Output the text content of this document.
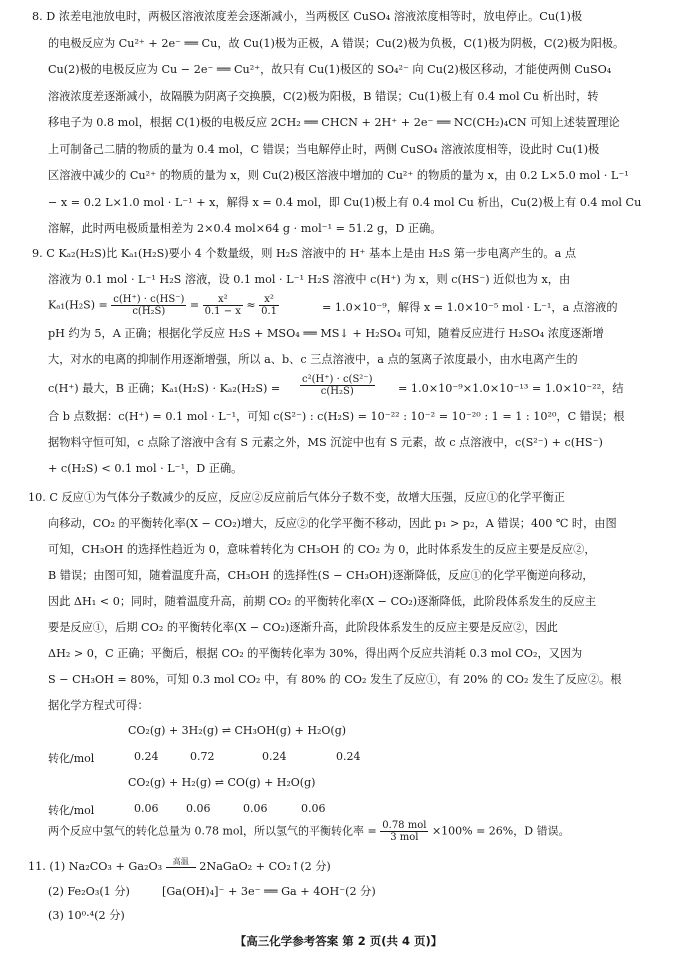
8. D 浓差电池放电时，两极区溶液浓度差会逐渐减小，当两极区 CuSO₄ 溶液浓度相等时，放电停止。Cu(1)极
的电极反应为 Cu²⁺ + 2e⁻ ══ Cu，故 Cu(1)极为正极，A 错误；Cu(2)极为负极，C(1)极为阴极，C(2)极为阳极。
Cu(2)极的电极反应为 Cu − 2e⁻ ══ Cu²⁺，故只有 Cu(1)极区的 SO₄²⁻ 向 Cu(2)极区移动，才能使两侧 CuSO₄
溶液浓度差逐渐减小，故隔膜为阴离子交换膜，C(2)极为阳极，B 错误；Cu(1)极上有 0.4 mol Cu 析出时，转
移电子为 0.8 mol，根据 C(1)极的电极反应 2CH₂ ══ CHCN + 2H⁺ + 2e⁻ ══ NC(CH₂)₄CN 可知上述装置理论
上可制备己二腈的物质的量为 0.4 mol，C 错误；当电解停止时，两侧 CuSO₄ 溶液浓度相等，设此时 Cu(1)极
区溶液中减少的 Cu²⁺ 的物质的量为 x，则 Cu(2)极区溶液中增加的 Cu²⁺ 的物质的量为 x，由 0.2 L×5.0 mol · L⁻¹
− x = 0.2 L×1.0 mol · L⁻¹ + x，解得 x = 0.4 mol，即 Cu(1)极上有 0.4 mol Cu 析出，Cu(2)极上有 0.4 mol Cu
溶解，此时两电极质量相差为 2×0.4 mol×64 g · mol⁻¹ = 51.2 g，D 正确。
9. C Kₐ₂(H₂S)比 Kₐ₁(H₂S)要小 4 个数量级，则 H₂S 溶液中的 H⁺ 基本上是由 H₂S 第一步电离产生的。a 点
溶液为 0.1 mol · L⁻¹ H₂S 溶液，设 0.1 mol · L⁻¹ H₂S 溶液中 c(H⁺) 为 x，则 c(HS⁻) 近似也为 x，由
$K_{a1}(H_2S) = \frac{c(H^+) \cdot c(HS^-)}{\text{c(H₂S)}} = \frac{\text{x²}}{0.1 - x} \approx \frac{\text{x²}}{0.1}$	= 1.0×10⁻⁹，解得 x = 1.0×10⁻⁵ mol · L⁻¹，a 点溶液的
pH 约为 5，A 正确；根据化学反应 H₂S + MSO₄ ══ MS↓ + H₂SO₄ 可知，随着反应进行 H₂SO₄ 浓度逐渐增
大，对水的电离的抑制作用逐渐增强，所以 a、b、c 三点溶液中，a 点的氢离子浓度最小，由水电离产生的
c(H⁺) 最大，B 正确；$K_{a1}(H_2S) \cdot K_{a2}(H_2S) = \frac{\text{c²(H⁺) · c(S²⁻)}}{\text{c(H₂S)}} = 1.0\times 10^{-9}\times 1.0\times 10^{-13} = 1.0\times 10^{-22}$，结
合 b 点数据：c(H⁺) = 0.1 mol · L⁻¹，可知 c(S²⁻) : c(H₂S) = 10⁻²² : 10⁻² = 10⁻²⁰ : 1 = 1 : 10²⁰，C 错误；根
据物料守恒可知，c 点除了溶液中含有 S 元素之外，MS 沉淀中也有 S 元素，故 c 点溶液中，c(S²⁻) + c(HS⁻)
+ c(H₂S) < 0.1 mol · L⁻¹，D 正确。
10. C 反应①为气体分子数减少的反应，反应②反应前后气体分子数不变，故增大压强，反应①的化学平衡正
向移动，CO₂ 的平衡转化率(X − CO₂)增大，反应②的化学平衡不移动，因此 p₁ > p₂，A 错误；400 ℃ 时，由图
可知，CH₃OH 的选择性趋近为 0，意味着转化为 CH₃OH 的 CO₂ 为 0，此时体系发生的反应主要是反应②，
B 错误；由图可知，随着温度升高，CH₃OH 的选择性(S − CH₃OH)逐渐降低，反应①的化学平衡逆向移动，
因此 ΔH₁ < 0；同时，随着温度升高，前期 CO₂ 的平衡转化率(X − CO₂)逐渐降低，此阶段体系发生的反应主
要是反应①，后期 CO₂ 的平衡转化率(X − CO₂)逐渐升高，此阶段体系发生的反应主要是反应②，因此
ΔH₂ > 0，C 正确；平衡后，根据 CO₂ 的平衡转化率为 30%，得出两个反应共消耗 0.3 mol CO₂，又因为
S − CH₃OH = 80%，可知 0.3 mol CO₂ 中，有 80% 的 CO₂ 发生了反应①，有 20% 的 CO₂ 发生了反应②。根
据化学方程式可得：
CO₂(g) + 3H₂(g) ⇌ CH₃OH(g) + H₂O(g)
转化/mol	0.24	0.72	0.24	0.24
CO₂(g) + H₂(g) ⇌ CO(g) + H₂O(g)
转化/mol	0.06	0.06	0.06	0.06
两个反应中氢气的转化总量为 0.78 mol，所以氢气的平衡转化率 = $\frac{\text{0.78 mol}}{\text{3 mol}} \times 100\% = 26\%$，D 错误。
11. (1) Na₂CO₃ + Ga₂O₃ $^{高温}$ 2NaGaO₂ + CO₂↑(2 分)
(2) Fe₂O₃(1 分)	[Ga(OH)₄]⁻ + 3e⁻ ══ Ga + 4OH⁻(2 分)
(3) 10⁰·⁴(2 分)
【高三化学参考答案 第 2 页(共 4 页)】
